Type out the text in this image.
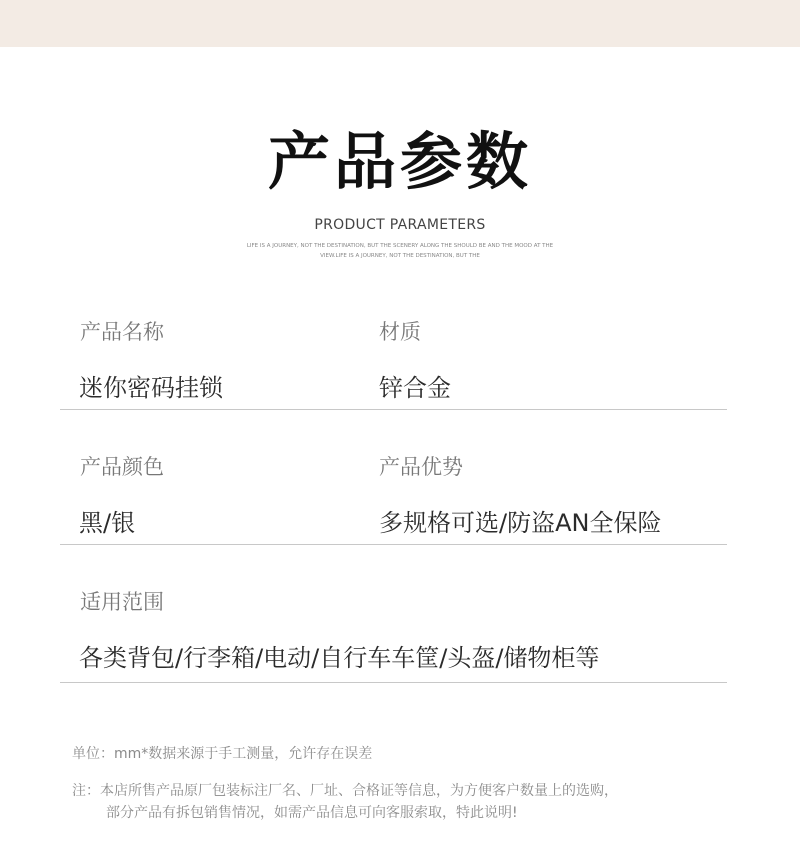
产品参数
PRODUCT PARAMETERS
LIFE IS A JOURNEY, NOT THE DESTINATION, BUT THE SCENERY ALONG THE SHOULD BE AND THE MOOD AT THE
VIEW.LIFE IS A JOURNEY, NOT THE DESTINATION, BUT THE
产品名称
迷你密码挂锁
材质
锌合金
产品颜色
黑/银
产品优势
多规格可选/防盗AN全保险
适用范围
各类背包/行李箱/电动/自行车车筐/头盔/储物柜等
单位：mm*数据来源于手工测量，允许存在误差
注：本店所售产品原厂包装标注厂名、厂址、合格证等信息，为方便客户数量上的选购，
部分产品有拆包销售情况，如需产品信息可向客服索取，特此说明!
